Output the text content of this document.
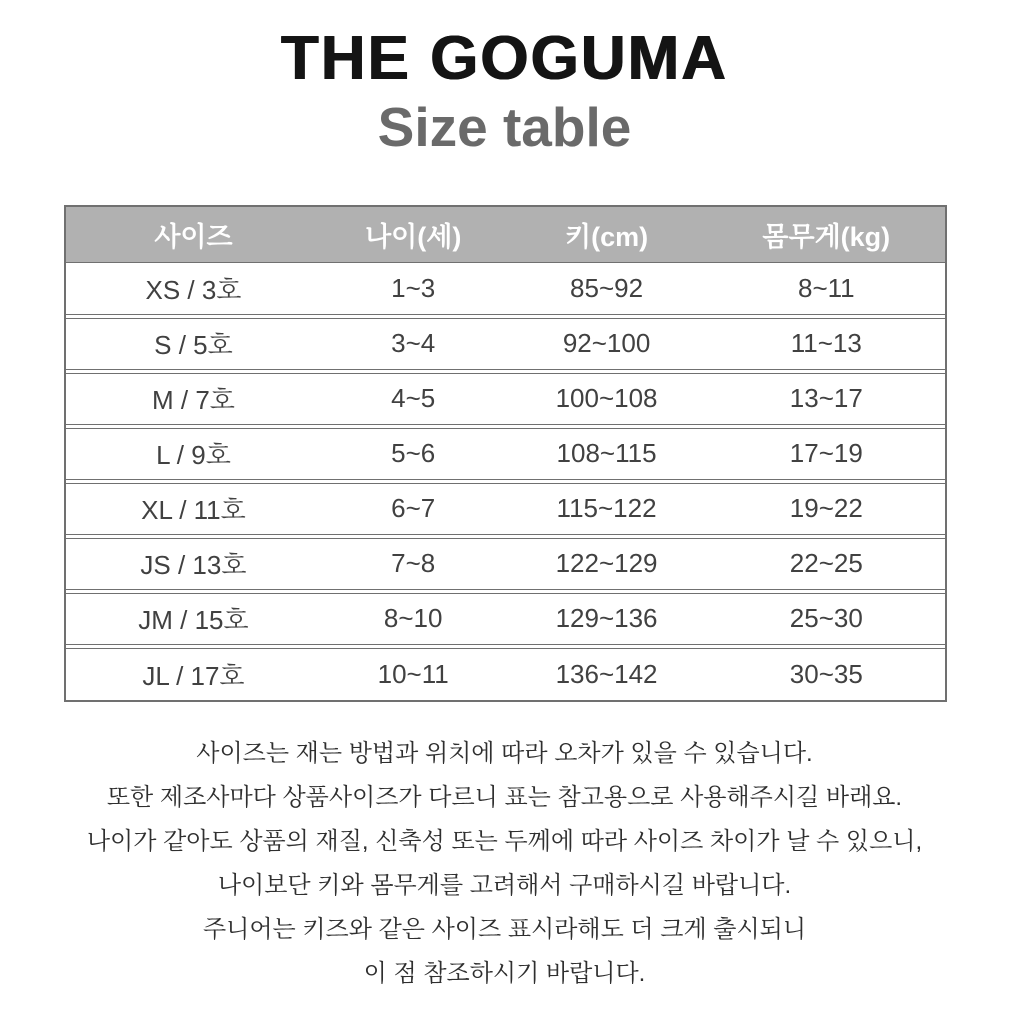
THE GOGUMA
Size table
사이즈	나이(세)	키(cm)	몸무게(kg)
XS / 3호	1~3	85~92	8~11
S / 5호	3~4	92~100	11~13
M / 7호	4~5	100~108	13~17
L / 9호	5~6	108~115	17~19
XL / 11호	6~7	115~122	19~22
JS / 13호	7~8	122~129	22~25
JM / 15호	8~10	129~136	25~30
JL / 17호	10~11	136~142	30~35

사이즈는 재는 방법과 위치에 따라 오차가 있을 수 있습니다.

또한 제조사마다 상품사이즈가 다르니 표는 참고용으로 사용해주시길 바래요.

나이가 같아도 상품의 재질, 신축성 또는 두께에 따라 사이즈 차이가 날 수 있으니,

나이보단 키와 몸무게를 고려해서 구매하시길 바랍니다.

주니어는 키즈와 같은 사이즈 표시라해도 더 크게 출시되니

이 점 참조하시기 바랍니다.
